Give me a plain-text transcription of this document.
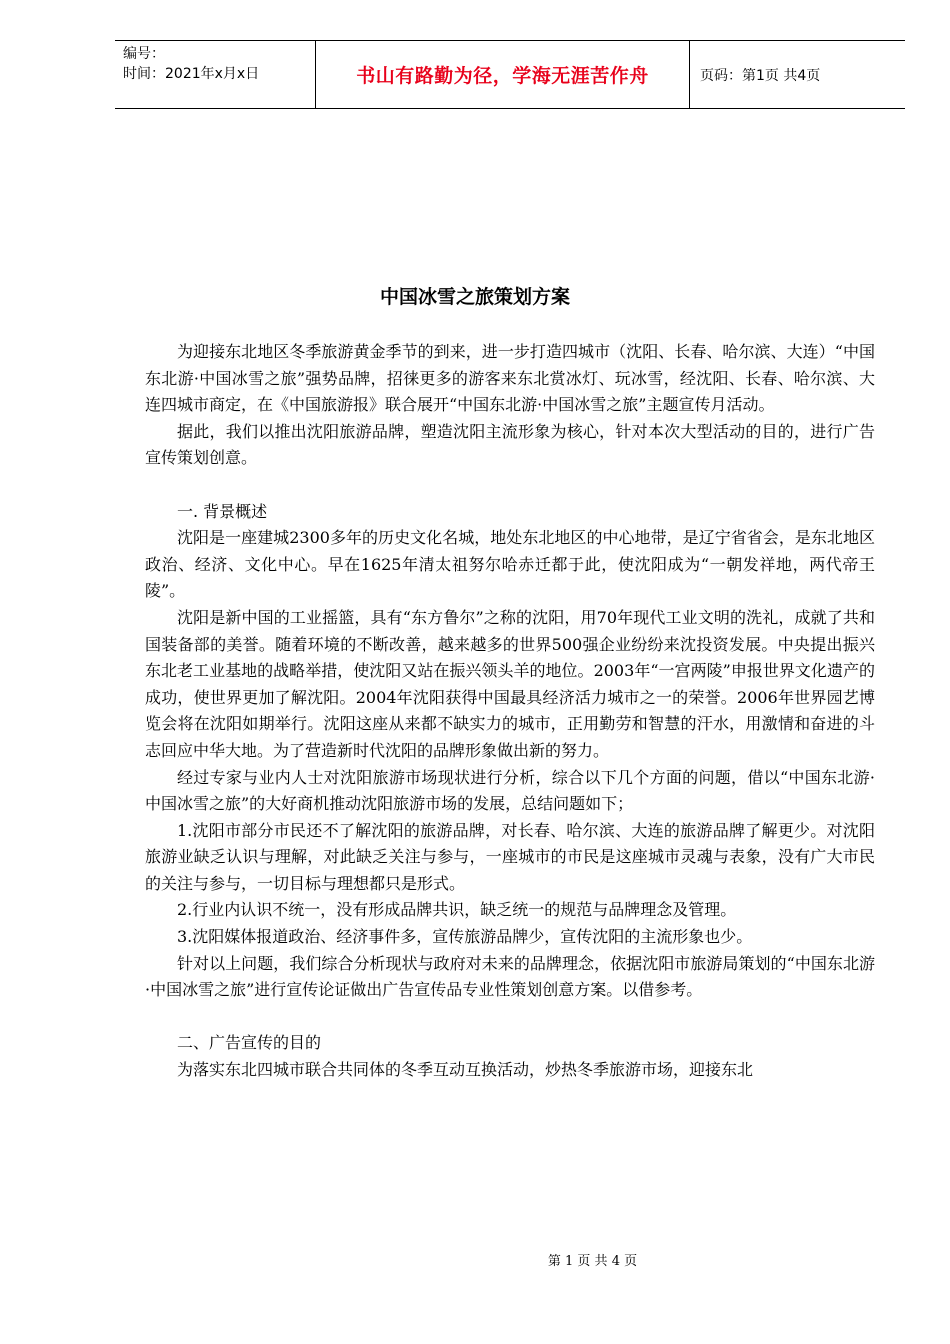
编号：
时间：2021年x月x日	书山有路勤为径，学海无涯苦作舟	页码：第1页 共4页
中国冰雪之旅策划方案

为迎接东北地区冬季旅游黄金季节的到来，进一步打造四城市（沈阳、长春、哈尔滨、大连）“中国东北游·中国冰雪之旅”强势品牌，招徕更多的游客来东北赏冰灯、玩冰雪，经沈阳、长春、哈尔滨、大连四城市商定，在《中国旅游报》联合展开“中国东北游·中国冰雪之旅”主题宣传月活动。

据此，我们以推出沈阳旅游品牌，塑造沈阳主流形象为核心，针对本次大型活动的目的，进行广告宣传策划创意。

一. 背景概述

沈阳是一座建城2300多年的历史文化名城，地处东北地区的中心地带，是辽宁省省会，是东北地区政治、经济、文化中心。早在1625年清太祖努尔哈赤迁都于此，使沈阳成为“一朝发祥地，两代帝王陵”。

沈阳是新中国的工业摇篮，具有“东方鲁尔”之称的沈阳，用70年现代工业文明的洗礼，成就了共和国装备部的美誉。随着环境的不断改善，越来越多的世界500强企业纷纷来沈投资发展。中央提出振兴东北老工业基地的战略举措，使沈阳又站在振兴领头羊的地位。2003年“一宫两陵”申报世界文化遗产的成功，使世界更加了解沈阳。2004年沈阳获得中国最具经济活力城市之一的荣誉。2006年世界园艺博览会将在沈阳如期举行。沈阳这座从来都不缺实力的城市，正用勤劳和智慧的汗水，用激情和奋进的斗志回应中华大地。为了营造新时代沈阳的品牌形象做出新的努力。

经过专家与业内人士对沈阳旅游市场现状进行分析，综合以下几个方面的问题，借以“中国东北游·中国冰雪之旅”的大好商机推动沈阳旅游市场的发展，总结问题如下；

1.沈阳市部分市民还不了解沈阳的旅游品牌，对长春、哈尔滨、大连的旅游品牌了解更少。对沈阳旅游业缺乏认识与理解，对此缺乏关注与参与，一座城市的市民是这座城市灵魂与表象，没有广大市民的关注与参与，一切目标与理想都只是形式。

2.行业内认识不统一，没有形成品牌共识，缺乏统一的规范与品牌理念及管理。

3.沈阳媒体报道政治、经济事件多，宣传旅游品牌少，宣传沈阳的主流形象也少。

针对以上问题，我们综合分析现状与政府对未来的品牌理念，依据沈阳市旅游局策划的“中国东北游·中国冰雪之旅”进行宣传论证做出广告宣传品专业性策划创意方案。以借参考。

二、广告宣传的目的

为落实东北四城市联合共同体的冬季互动互换活动，炒热冬季旅游市场，迎接东北

第 1 页 共 4 页
